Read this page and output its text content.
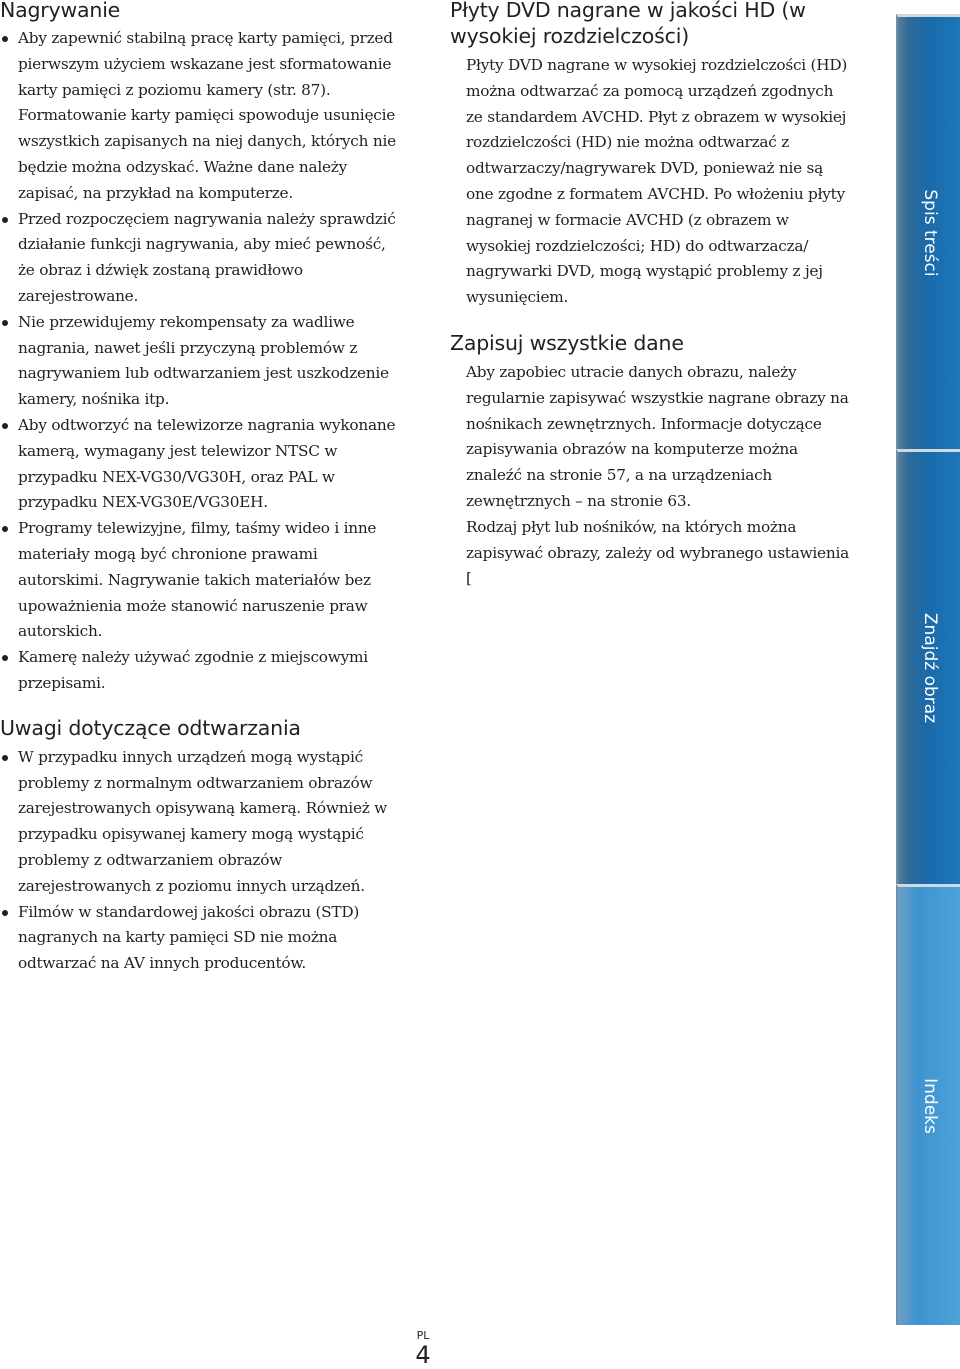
Nagrywanie
Aby zapewnić stabilną pracę karty pamięci, przed pierwszym użyciem wskazane jest sformatowanie karty pamięci z poziomu kamery (str. 87). Formatowanie karty pamięci spowoduje usunięcie wszystkich zapisanych na niej danych, których nie będzie można odzyskać. Ważne dane należy zapisać, na przykład na komputerze.
Przed rozpoczęciem nagrywania należy sprawdzić działanie funkcji nagrywania, aby mieć pewność, że obraz i dźwięk zostaną prawidłowo zarejestrowane.
Nie przewidujemy rekompensaty za wadliwe nagrania, nawet jeśli przyczyną problemów z nagrywaniem lub odtwarzaniem jest uszkodzenie kamery, nośnika itp.
Aby odtworzyć na telewizorze nagrania wykonane kamerą, wymagany jest telewizor NTSC w przypadku NEX-VG30/VG30H, oraz PAL w przypadku NEX-VG30E/VG30EH.
Programy telewizyjne, filmy, taśmy wideo i inne materiały mogą być chronione prawami autorskimi. Nagrywanie takich materiałów bez upoważnienia może stanowić naruszenie praw autorskich.
Kamerę należy używać zgodnie z miejscowymi przepisami.
Uwagi dotyczące odtwarzania
W przypadku innych urządzeń mogą wystąpić problemy z normalnym odtwarzaniem obrazów zarejestrowanych opisywaną kamerą. Również w przypadku opisywanej kamery mogą wystąpić problemy z odtwarzaniem obrazów zarejestrowanych z poziomu innych urządzeń.
Filmów w standardowej jakości obrazu (STD) nagranych na karty pamięci SD nie można odtwarzać na AV innych producentów.
Płyty DVD nagrane w jakości HD (w wysokiej rozdzielczości)

Płyty DVD nagrane w wysokiej rozdzielczości (HD) można odtwarzać za pomocą urządzeń zgodnych ze standardem AVCHD. Płyt z obrazem w wysokiej rozdzielczości (HD) nie można odtwarzać z odtwarzaczy/nagrywarek DVD, ponieważ nie są one zgodne z formatem AVCHD. Po włożeniu płyty nagranej w formacie AVCHD (z obrazem w wysokiej rozdzielczości; HD) do odtwarzacza/ nagrywarki DVD, mogą wystąpić problemy z jej wysunięciem.

Zapisuj wszystkie dane

Aby zapobiec utracie danych obrazu, należy regularnie zapisywać wszystkie nagrane obrazy na nośnikach zewnętrznych. Informacje dotyczące zapisywania obrazów na komputerze można znaleźć na stronie 57, a na urządzeniach zewnętrznych – na stronie 63.

Rodzaj płyt lub nośników, na których można zapisywać obrazy, zależy od wybranego ustawienia [

Spis treści
Znajdź obraz
Indeks
PL
4
